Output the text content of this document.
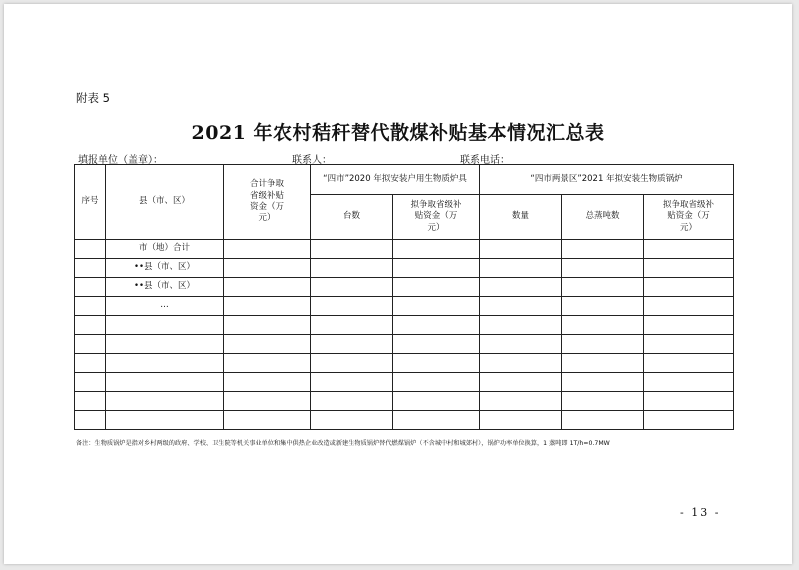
附表 5
2021 年农村秸秆替代散煤补贴基本情况汇总表
填报单位（盖章）：	联系人：	联系电话：
序号	县（市、区）	合计争取省级补贴资金（万元）	“四市”2020 年拟安装户用生物质炉具		“四市两景区”2021 年拟安装生物质锅炉		
			台数	拟争取省级补贴资金（万元）	数量	总蒸吨数	拟争取省级补贴资金（万元）
	市（地）合计						
	••县（市、区）						
	••县（市、区）						
	…						

备注：生物质锅炉是指对乡村两级的政府、学校、卫生院等机关事业单位和集中供热企业改造或新建生物质锅炉替代燃煤锅炉（不含城中村和城郊村），锅炉功率单位换算，1 蒸吨即 1T/h=0.7MW
- 13 -
